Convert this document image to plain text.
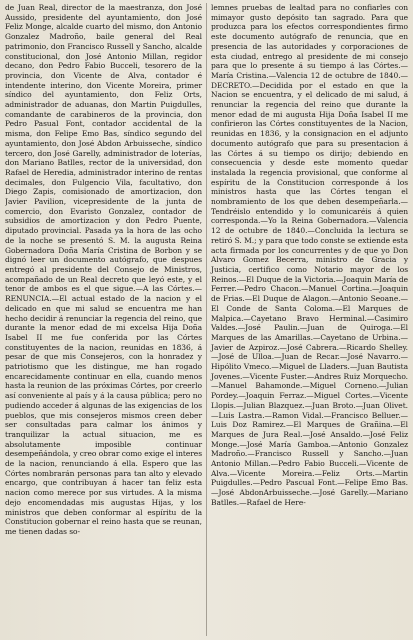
de Juan Real, director de la maestranza, don José Aussido, presidente del ayuntamiento, don José Feliz Monge, alcalde cuarto del mismo, don Antonio Gonzalez Madroño, baile general del Real patrimonio, don Francisco Russell y Sancho, alcalde constitucional, don José Antonio Millan, regidor decano, don Pedro Fabio Bucceli, tesorero de la provincia, don Vicente de Alva, contador é intendente interino, don Vicente Moreira, primer síndico del ayuntamiento, don Feliz Orts, administrador de aduanas, don Martin Puigdulles, comandante de carabineros de la provincia, don Pedro Pasual Font, contador accidental de la misma, don Felipe Emo Bas, síndico segundo del ayuntamiento, don José Abdon Arbuisseche, síndico tercero, don José Garelly, administrador de loterías, don Mariano Batlles, rector de la universidad, don Rafael de Heredia, administrador interino de rentas decimales, don Fulgencio Vila, facultativo, don Diego Zapis, comisionado de amortizacion, don Javier Pavilion, vicepresidente de la junta de comercio, don Evaristo Gonzalez, contador de subsidios de amortizacion y don Pedro Puente, diputado provincial. Pasada ya la hora de las ocho de la noche se presentó S. M. la augusta Reina Gobernadora Doña María Cristina de Borbon y se dignó leer un documento autógrafo, que despues entregó al presidente del Consejo de Ministros, acompañado de un Real decreto que leyó este, y el tenor de ambos es el que sigue.—A las Córtes.—RENUNCIA.—El actual estado de la nacion y el delicado en que mi salud se encuentra me han hecho decidir á renunciar la regencia del reino, que durante la menor edad de mi excelsa Hija Doña Isabel II me fue conferida por las Córtes constituyentes de la nacion, reunidas en 1836, á pesar de que mis Consejeros, con la honradez y patriotismo que les distingue, me han rogado encarecidamente continuar en ella, cuando menos hasta la reunion de las próximas Córtes, por creerlo así conveniente al país y á la causa pública; pero no pudiendo acceder á algunas de las exigencias de los pueblos, que mis consejeros mismos creen deber ser consultadas para calmar los ánimos y tranquilizar la actual situacion, me es absolutamente imposible continuar desempeñándola, y creo obrar como exige el interes de la nacion, renunciando á ella. Espero que las Córtes nombrarán personas para tan alto y elevado encargo, que contribuyan á hacer tan feliz esta nacion como merece por sus virtudes. A la misma dejo encomendadas mis augustas Hijas, y los ministros que deben conformar al espíritu de la Constitucion gobernar el reino hasta que se reunan, me tienen dadas so-

lemnes pruebas de lealtad para no confiarles con mimayor gusto depósito tan sagrado. Para que produzca para los efectos correspondientes firmo este documento autógrafo de renuncia, que en presencia de las autoridades y corporaciones de esta ciudad, entrego al presidente de mi consejo para que lo presente á su tiempo á las Córtes.—María Cristina.—Valencia 12 de octubre de 1840.—DECRETO.—Decidida por el estado en que la Nacion se encuentra, y el delicado de mi salud, á renunciar la regencia del reino que durante la menor edad de mi augusta Hija Doña Isabel II me confirieron las Córtes constituyentes de la Nacion, reunidas en 1836, y la consignacion en el adjunto documento autógrafo que para su presentacion á las Córtes á su tiempo os dirijo; debiendo en consecuencia y desde este momento quedar instalada la regencia provisional, que conforme al espíritu de la Constitucion corresponde á los ministros hasta que las Córtes tengan el nombramiento de los que deben desempeñarla.—Tendréislo entendido y lo comunicaréis á quien corresponda.—Yo la Reina Gobernadora.—Valencia 12 de octubre de 1840.—Concluida la lectura se retiró S. M.; y para que todo conste se extiende esta acta firmada por los concurrentes y de que yo Don Alvaro Gomez Becerra, ministro de Gracia y Justicia, certifico como Notario mayor de los Reinos.—El Duque de la Victoria.—Joaquin María de Ferrer.—Pedro Chacon.—Manuel Cortina.—Joaquin de Frias.—El Duque de Alagon.—Antonio Seoane.—El Conde de Santa Coloma.—El Marques de Malpica.—Cayetano Bravo Herminal.—Casimiro Valdes.—José Paulin.—Juan de Quiroga.—El Marques de las Amarillas.—Cayetano de Urbina.—Javier de Azpiroz.—José Cabrera.—Ricardo Shelley.—José de Ulloa.—Juan de Recar.—José Navarro.—Hipólito Vmeco.—Miguel de Lladers.—Juan Bautista Jovenes.—Vicente Fuster.—Andres Ruiz Morquecho.—Manuel Bahamonde.—Miguel Corneno.—Julian Pordey.—Joaquin Ferraz.—Miguel Cortes.—Vicente Llopis.—Julian Blazquez.—Juan Broto.—Juan Olivet.—Luis Lastra.—Ramon Vidal.—Francisco Belluer.—Luis Doz Ramirez.—El Marques de Grañina.—El Marques de Jura Real.—José Ansaldo.—José Feliz Monge.—José María Gamboa.—Antonio Gonzalez Madroño.—Francisco Russell y Sancho.—Juan Antonio Millan.—Pedro Fabio Bucceli.—Vicente de Alva.—Vicente Moreira.—Feliz Orts.—Martin Puigdulles.—Pedro Pascual Font.—Felipe Emo Bas.—José AbdonArbuisseche.—José Garelly.—Mariano Batlles.—Rafael de Here-
